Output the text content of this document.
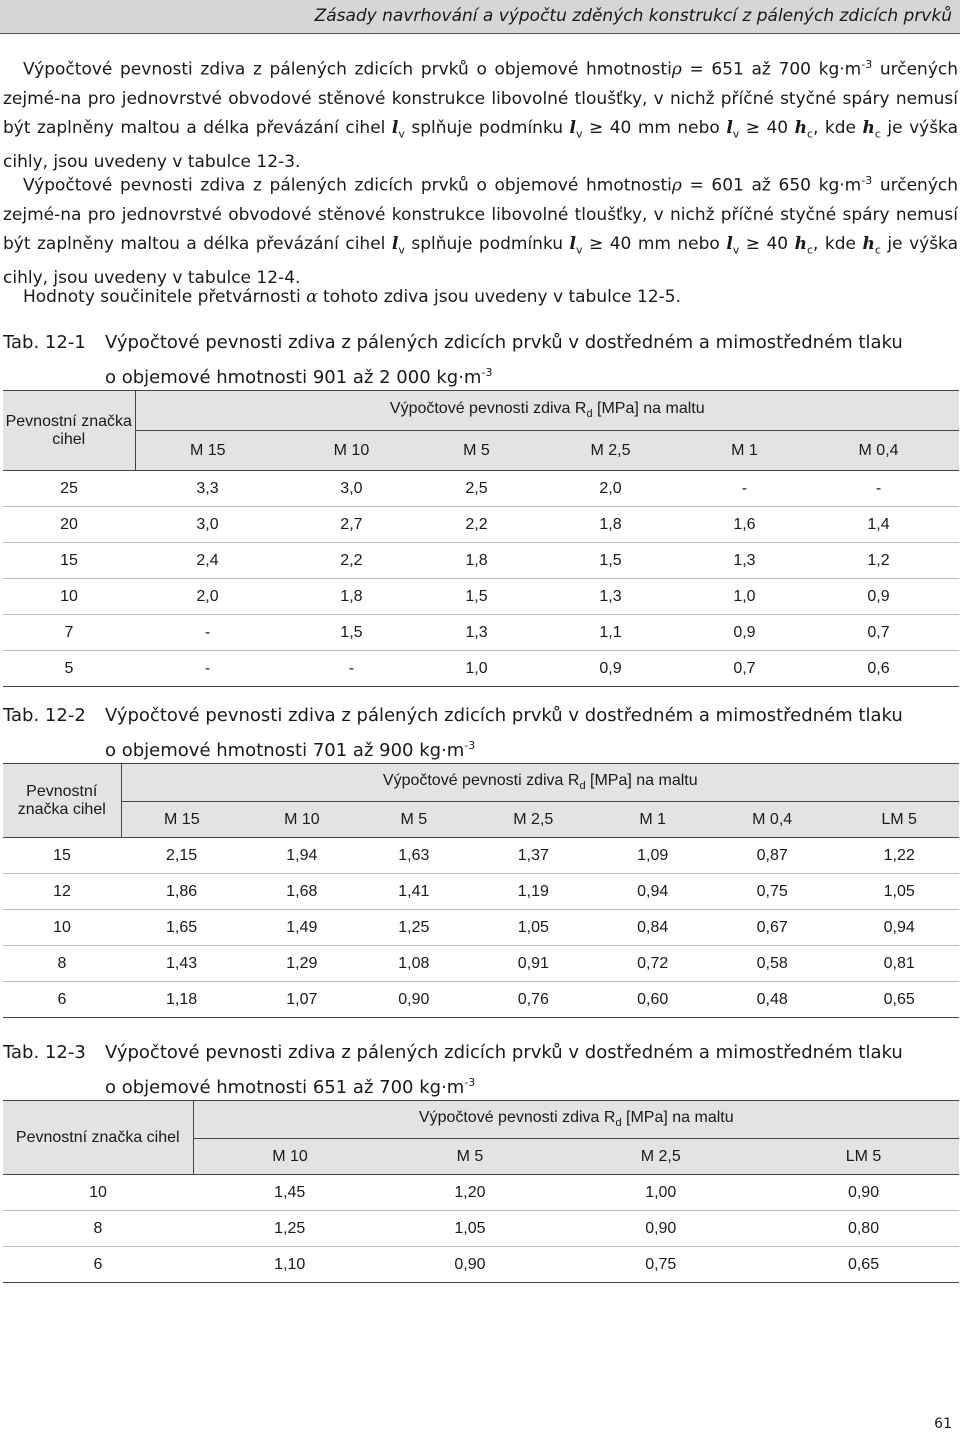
Zásady navrhování a výpočtu zděných konstrukcí z pálených zdicích prvků

Výpočtové pevnosti zdiva z pálených zdicích prvků o objemové hmotnostiρ = 651 až 700 $kg\cdot m^{-3}$ určených zejmé-na pro jednovrstvé obvodové stěnové konstrukce libovolné tloušťky, v nichž příčné styčné spáry nemusí být zaplněny maltou a délka převázání cihel $l_v$ splňuje podmínku $l_v \ge 40$ mm nebo $l_v \ge 40$ $h_c$, kde $h_c$ je výška cihly, jsou uvedeny v tabulce 12-3.

Výpočtové pevnosti zdiva z pálených zdicích prvků o objemové hmotnostiρ = 601 až 650 $kg\cdot m^{-3}$ určených zejmé-na pro jednovrstvé obvodové stěnové konstrukce libovolné tloušťky, v nichž příčné styčné spáry nemusí být zaplněny maltou a délka převázání cihel $l_v$ splňuje podmínku $l_v \ge 40$ mm nebo $l_v \ge 40$ $h_c$, kde $h_c$ je výška cihly, jsou uvedeny v tabulce 12-4.

Hodnoty součinitele přetvárnosti α tohoto zdiva jsou uvedeny v tabulce 12-5.

Tab. 12-1 Výpočtové pevnosti zdiva z pálených zdicích prvků v dostředném a mimostředném tlaku
o objemové hmotnosti 901 až 2 000 $kg\cdot m^{-3}$
Pevnostní značka cihel	Výpočtové pevnosti zdiva $R_d$ [MPa] na maltu					
	M 15	M 10	M 5	M 2,5	M 1	M 0,4
25	3,3	3,0	2,5	2,0	-	-
20	3,0	2,7	2,2	1,8	1,6	1,4
15	2,4	2,2	1,8	1,5	1,3	1,2
10	2,0	1,8	1,5	1,3	1,0	0,9
7	-	1,5	1,3	1,1	0,9	0,7
5	-	-	1,0	0,9	0,7	0,6
Tab. 12-2 Výpočtové pevnosti zdiva z pálených zdicích prvků v dostředném a mimostředném tlaku
o objemové hmotnosti 701 až 900 $kg\cdot m^{-3}$
Pevnostní značka cihel	Výpočtové pevnosti zdiva $R_d$ [MPa] na maltu						
	M 15	M 10	M 5	M 2,5	M 1	M 0,4	LM 5
15	2,15	1,94	1,63	1,37	1,09	0,87	1,22
12	1,86	1,68	1,41	1,19	0,94	0,75	1,05
10	1,65	1,49	1,25	1,05	0,84	0,67	0,94
8	1,43	1,29	1,08	0,91	0,72	0,58	0,81
6	1,18	1,07	0,90	0,76	0,60	0,48	0,65
Tab. 12-3 Výpočtové pevnosti zdiva z pálených zdicích prvků v dostředném a mimostředném tlaku
o objemové hmotnosti 651 až 700 $kg\cdot m^{-3}$
Pevnostní značka cihel	Výpočtové pevnosti zdiva $R_d$ [MPa] na maltu			
	M 10	M 5	M 2,5	LM 5
10	1,45	1,20	1,00	0,90
8	1,25	1,05	0,90	0,80
6	1,10	0,90	0,75	0,65
61
